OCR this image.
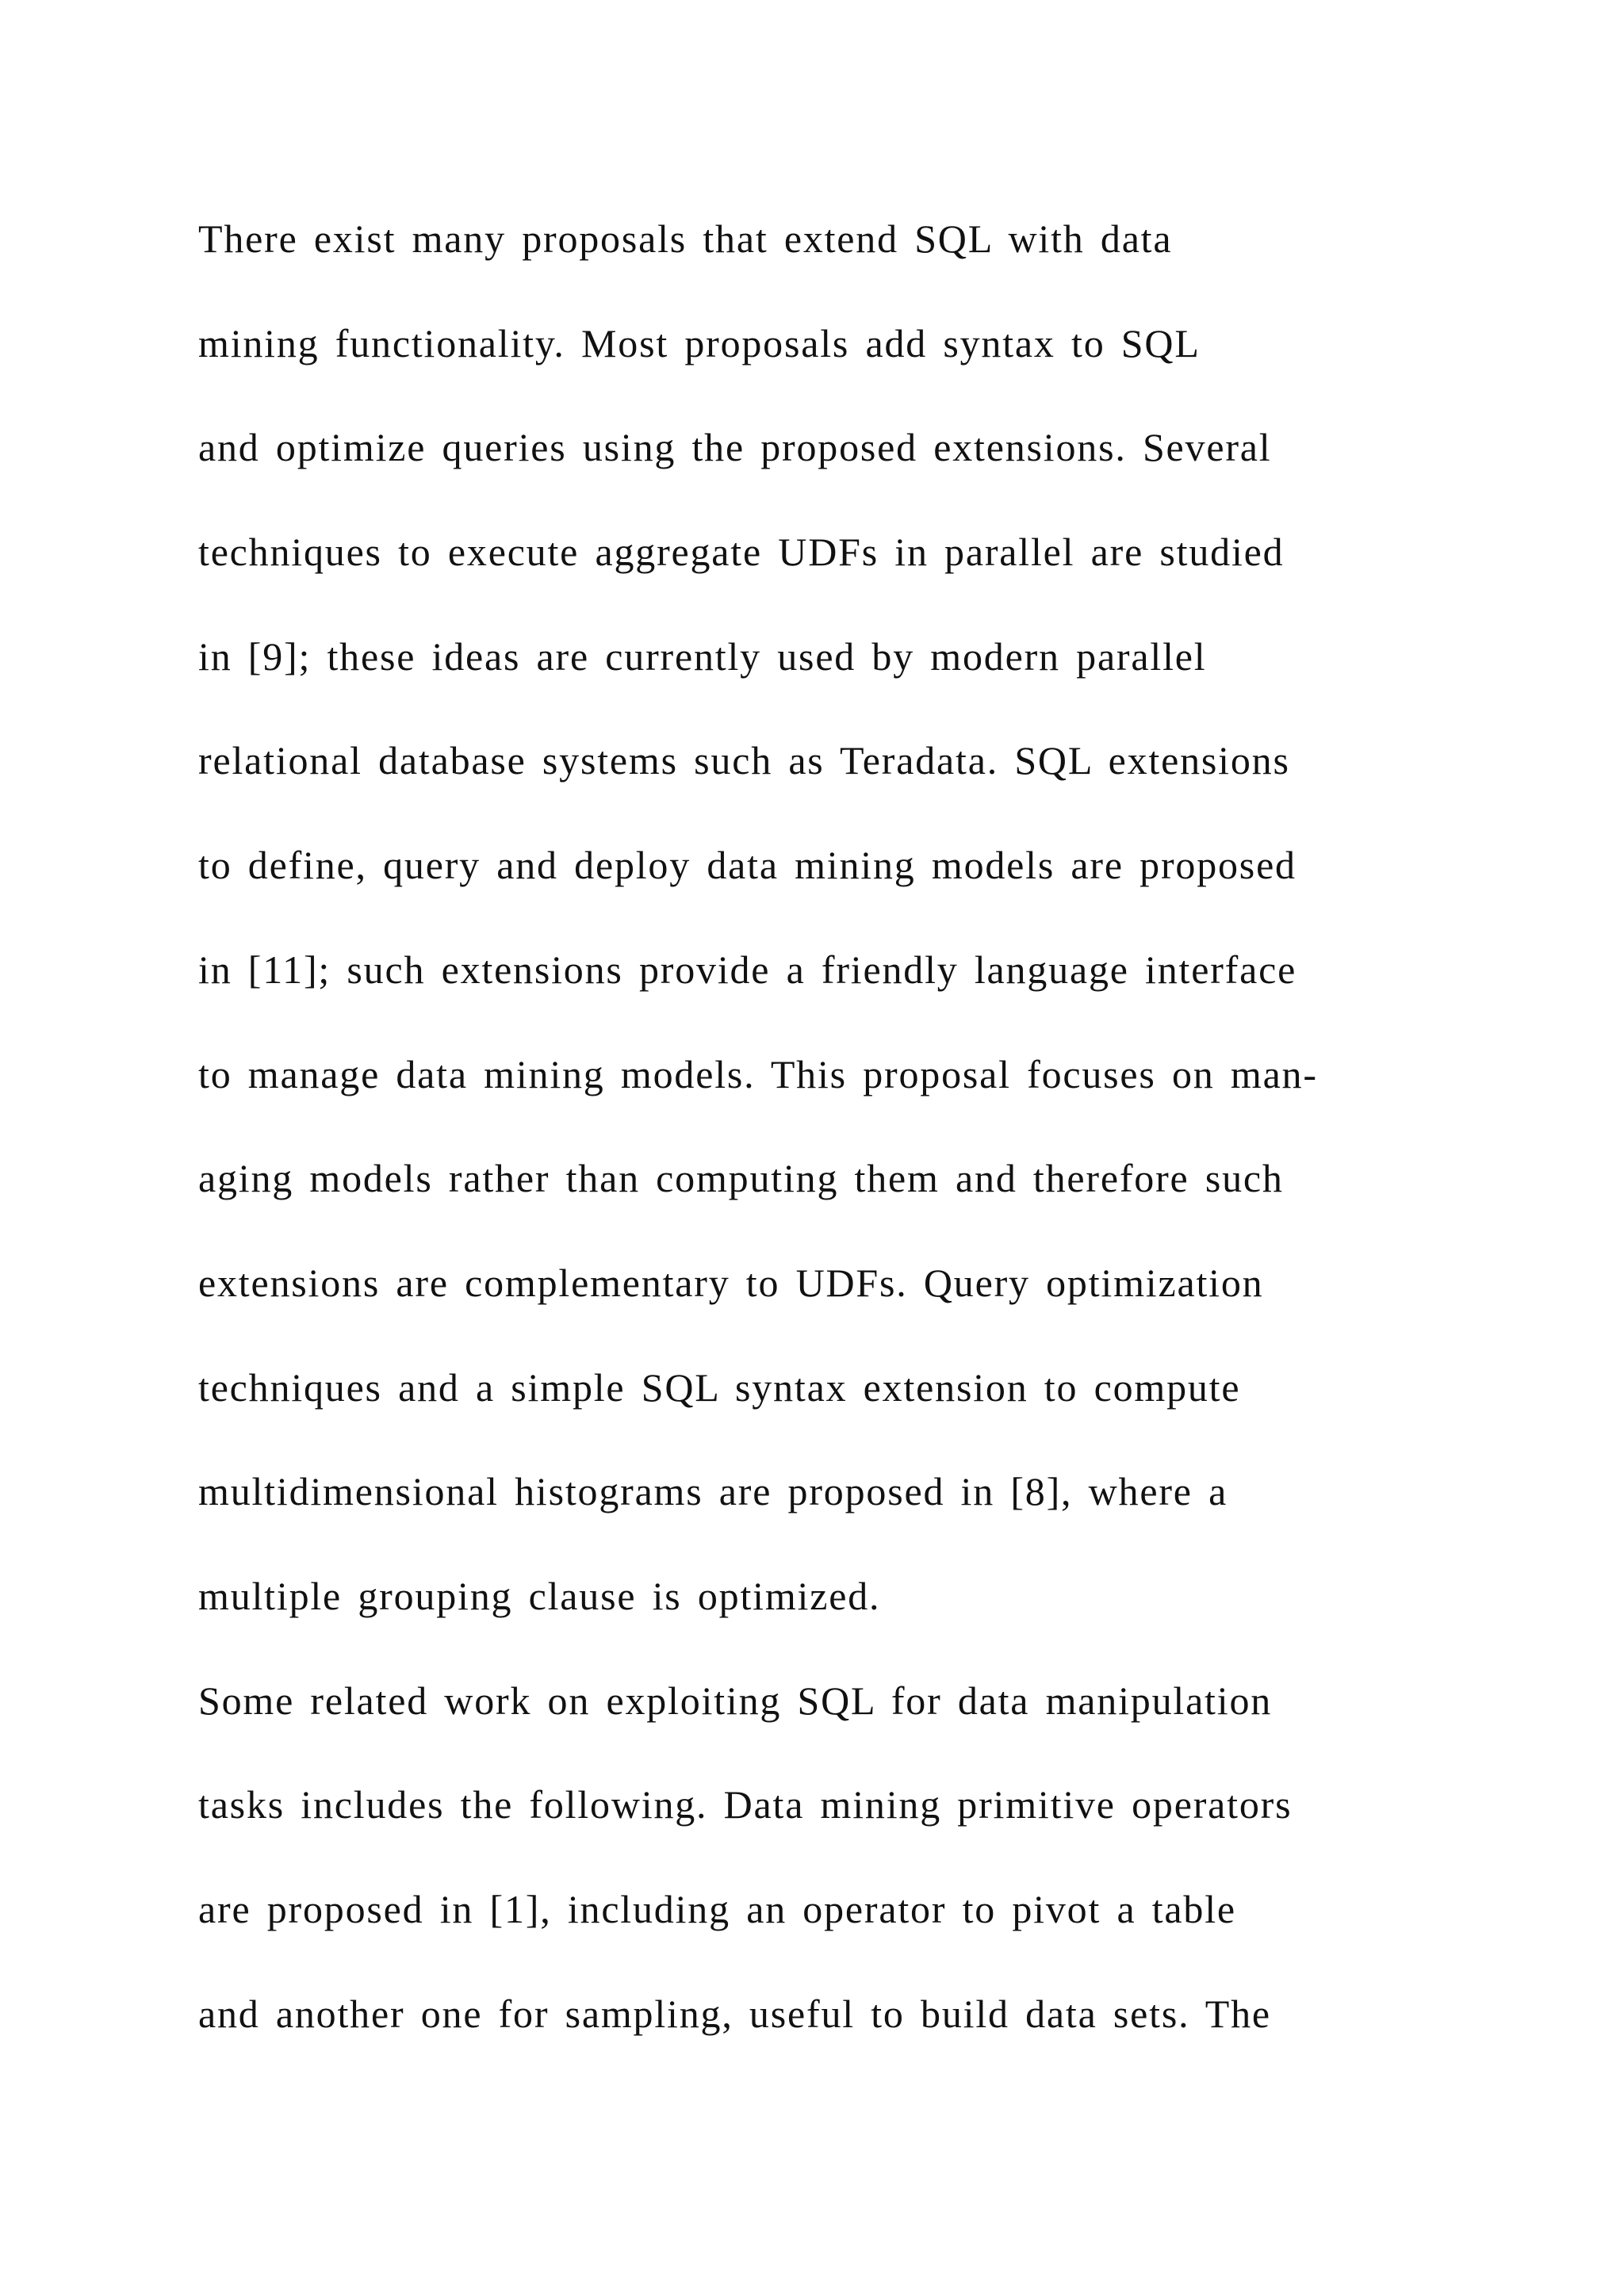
There exist many proposals that extend SQL with data
mining functionality. Most proposals add syntax to SQL
and optimize queries using the proposed extensions. Several
techniques to execute aggregate UDFs in parallel are studied
in [9]; these ideas are currently used by modern parallel
relational database systems such as Teradata. SQL extensions
to define, query and deploy data mining models are proposed
in [11]; such extensions provide a friendly language interface
to manage data mining models. This proposal focuses on man-
aging models rather than computing them and therefore such
extensions are complementary to UDFs. Query optimization
techniques and a simple SQL syntax extension to compute
multidimensional histograms are proposed in [8], where a
multiple grouping clause is optimized.
Some related work on exploiting SQL for data manipulation
tasks includes the following. Data mining primitive operators
are proposed in [1], including an operator to pivot a table
and another one for sampling, useful to build data sets. The
